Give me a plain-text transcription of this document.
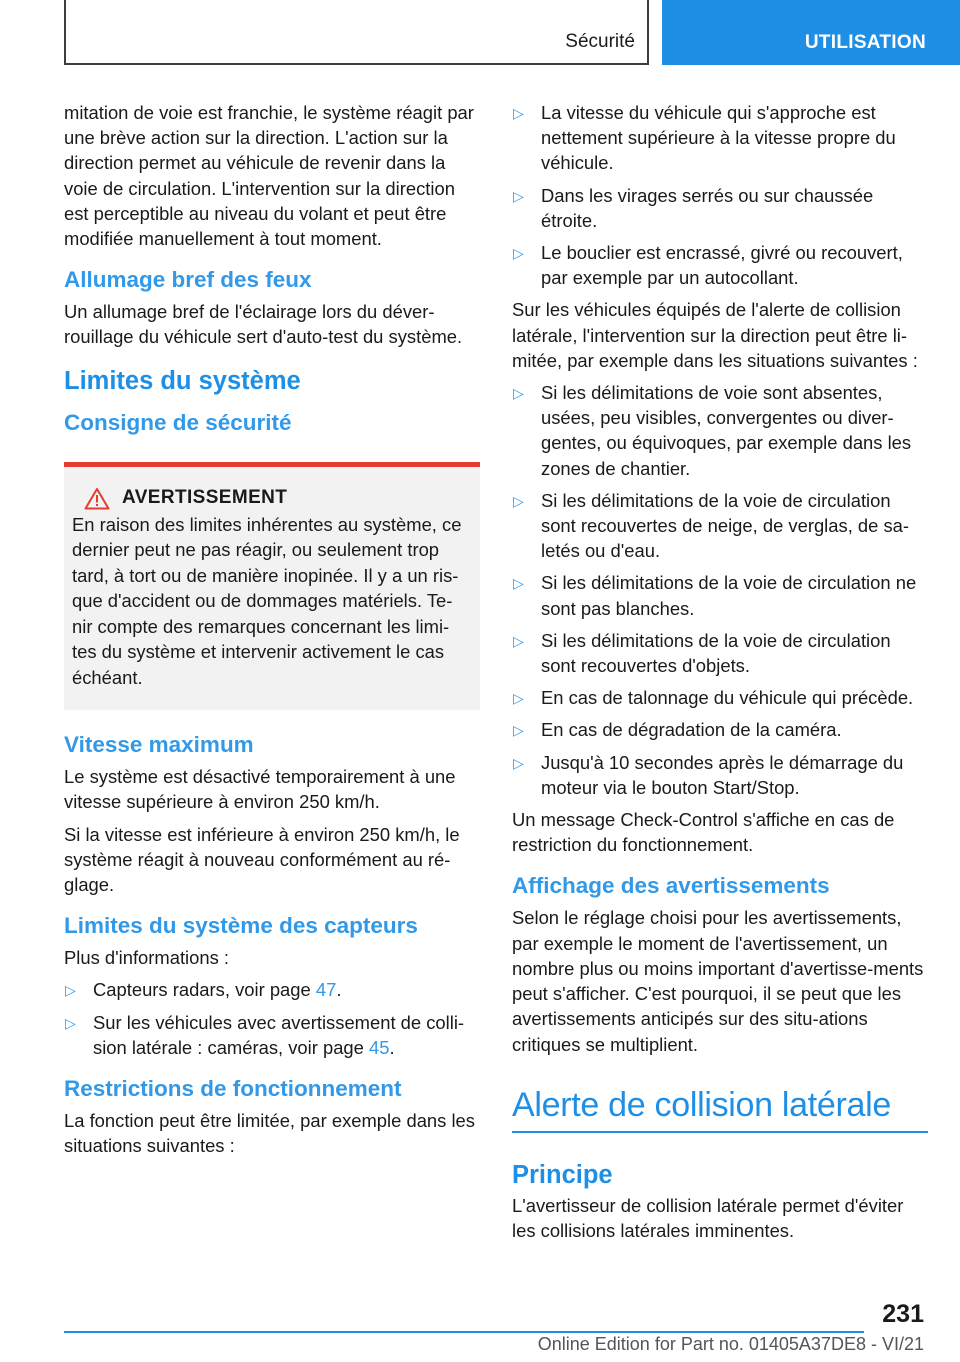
Sécurité	UTILISATION

mitation de voie est franchie, le système réagit par une brève action sur la direction. L'action sur la direction permet au véhicule de revenir dans la voie de circulation. L'intervention sur la direction est perceptible au niveau du volant et peut être modifiée manuellement à tout moment.

Allumage bref des feux

Un allumage bref de l'éclairage lors du déver-rouillage du véhicule sert d'auto-test du système.

Limites du système
Consigne de sécurité
AVERTISSEMENT

En raison des limites inhérentes au système, ce dernier peut ne pas réagir, ou seulement trop tard, à tort ou de manière inopinée. Il y a un ris-que d'accident ou de dommages matériels. Te-nir compte des remarques concernant les limi-tes du système et intervenir activement le cas échéant.

Vitesse maximum

Le système est désactivé temporairement à une vitesse supérieure à environ 250 km/h.

Si la vitesse est inférieure à environ 250 km/h, le système réagit à nouveau conformément au ré-glage.

Limites du système des capteurs

Plus d'informations :

▷ Capteurs radars, voir page 47.
▷ Sur les véhicules avec avertissement de colli-sion latérale : caméras, voir page 45.
Restrictions de fonctionnement

La fonction peut être limitée, par exemple dans les situations suivantes :

▷ La vitesse du véhicule qui s'approche est nettement supérieure à la vitesse propre du véhicule.
▷ Dans les virages serrés ou sur chaussée étroite.
▷ Le bouclier est encrassé, givré ou recouvert, par exemple par un autocollant.

Sur les véhicules équipés de l'alerte de collision latérale, l'intervention sur la direction peut être li-mitée, par exemple dans les situations suivantes :

▷ Si les délimitations de voie sont absentes, usées, peu visibles, convergentes ou diver-gentes, ou équivoques, par exemple dans les zones de chantier.
▷ Si les délimitations de la voie de circulation sont recouvertes de neige, de verglas, de sa-letés ou d'eau.
▷ Si les délimitations de la voie de circulation ne sont pas blanches.
▷ Si les délimitations de la voie de circulation sont recouvertes d'objets.
▷ En cas de talonnage du véhicule qui précède.
▷ En cas de dégradation de la caméra.
▷ Jusqu'à 10 secondes après le démarrage du moteur via le bouton Start/Stop.

Un message Check-Control s'affiche en cas de restriction du fonctionnement.

Affichage des avertissements

Selon le réglage choisi pour les avertissements, par exemple le moment de l'avertissement, un nombre plus ou moins important d'avertisse-ments peut s'afficher. C'est pourquoi, il se peut que les avertissements anticipés sur des situ-ations critiques se multiplient.

Alerte de collision latérale
Principe

L'avertisseur de collision latérale permet d'éviter les collisions latérales imminentes.

231
Online Edition for Part no. 01405A37DE8 - VI/21
